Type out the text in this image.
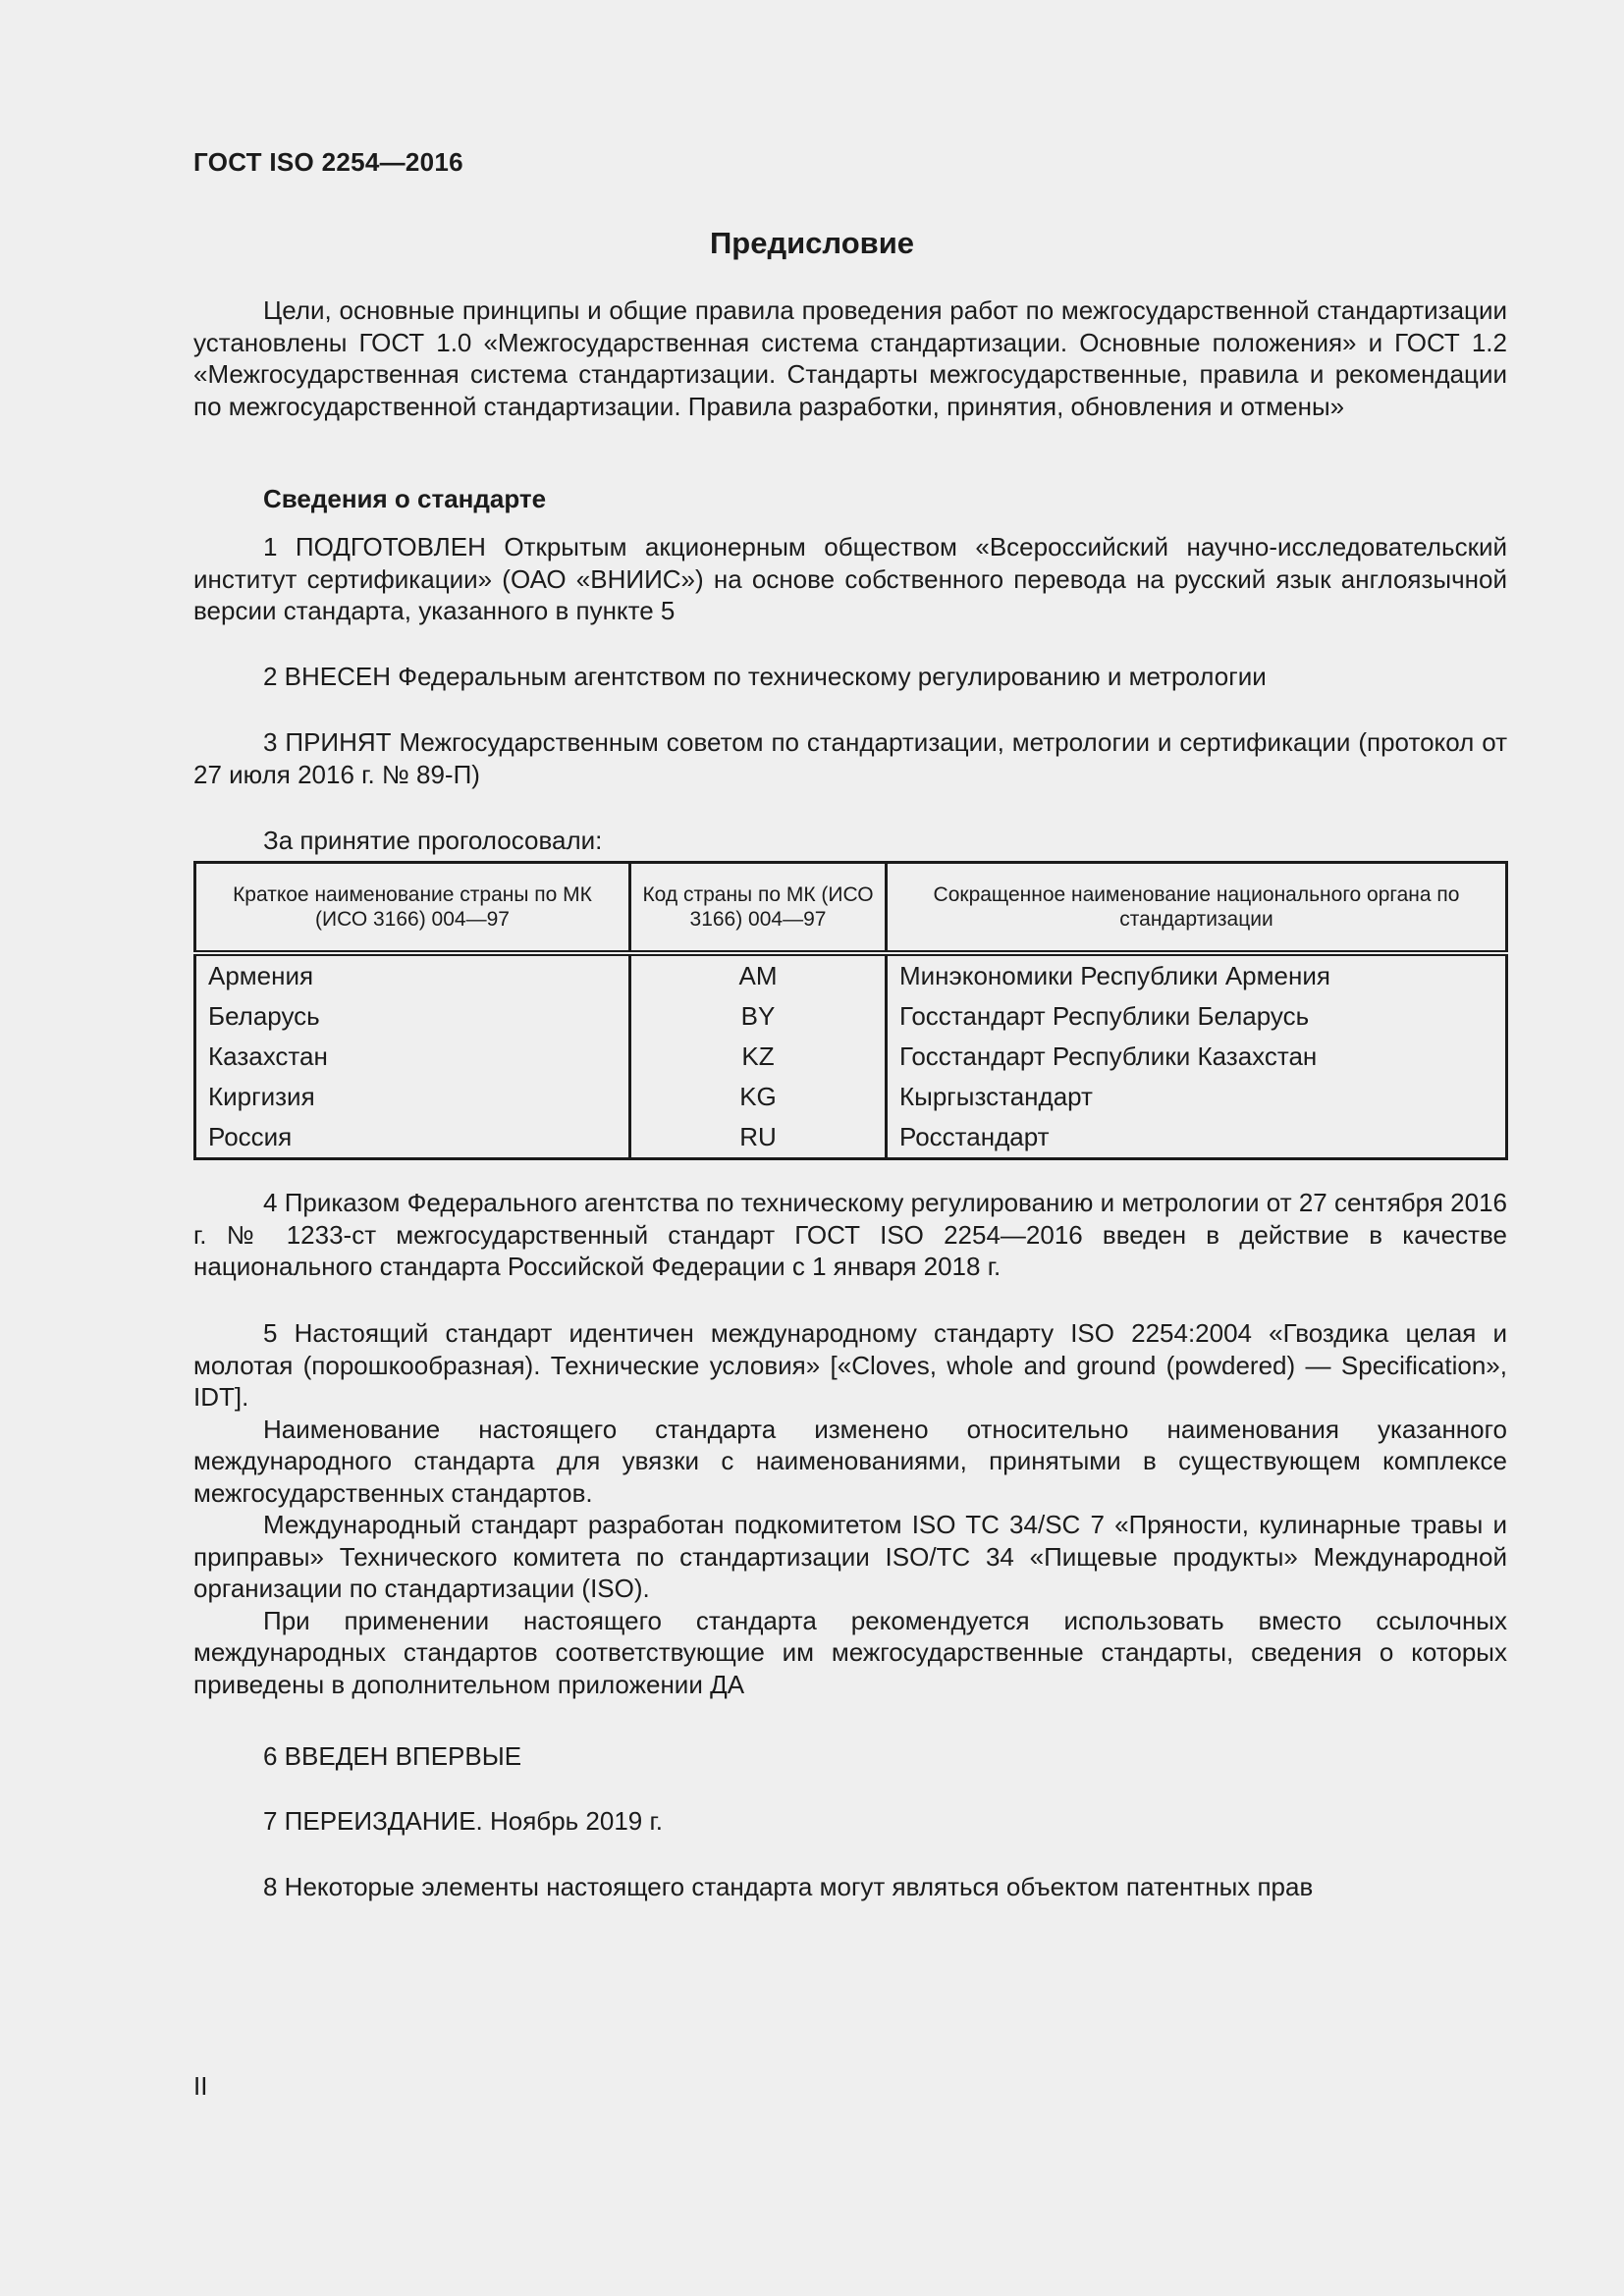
ГОСТ ISO 2254—2016
Предисловие

Цели, основные принципы и общие правила проведения работ по межгосударственной стандартизации установлены ГОСТ 1.0 «Межгосударственная система стандартизации. Основные положения» и ГОСТ 1.2 «Межгосударственная система стандартизации. Стандарты межгосударственные, правила и рекомендации по межгосударственной стандартизации. Правила разработки, принятия, обновления и отмены»

Сведения о стандарте

1 ПОДГОТОВЛЕН Открытым акционерным обществом «Всероссийский научно-исследовательский институт сертификации» (ОАО «ВНИИС») на основе собственного перевода на русский язык англоязычной версии стандарта, указанного в пункте 5

2 ВНЕСЕН Федеральным агентством по техническому регулированию и метрологии

3 ПРИНЯТ Межгосударственным советом по стандартизации, метрологии и сертификации (протокол от 27 июля 2016 г. № 89-П)

За принятие проголосовали:
Краткое наименование страны по МК (ИСО 3166) 004—97	Код страны по МК (ИСО 3166) 004—97	Сокращенное наименование национального органа по стандартизации
Армения	AM	Минэкономики Республики Армения
Беларусь	BY	Госстандарт Республики Беларусь
Казахстан	KZ	Госстандарт Республики Казахстан
Киргизия	KG	Кыргызстандарт
Россия	RU	Росстандарт

4 Приказом Федерального агентства по техническому регулированию и метрологии от 27 сентября 2016 г. № 1233-ст межгосударственный стандарт ГОСТ ISO 2254—2016 введен в действие в качестве национального стандарта Российской Федерации с 1 января 2018 г.

5 Настоящий стандарт идентичен международному стандарту ISO 2254:2004 «Гвоздика целая и молотая (порошкообразная). Технические условия» [«Cloves, whole and ground (powdered) — Specification», IDT].

Наименование настоящего стандарта изменено относительно наименования указанного международного стандарта для увязки с наименованиями, принятыми в существующем комплексе межгосударственных стандартов.

Международный стандарт разработан подкомитетом ISO TC 34/SC 7 «Пряности, кулинарные травы и приправы» Технического комитета по стандартизации ISO/TC 34 «Пищевые продукты» Международной организации по стандартизации (ISO).

При применении настоящего стандарта рекомендуется использовать вместо ссылочных международных стандартов соответствующие им межгосударственные стандарты, сведения о которых приведены в дополнительном приложении ДА

6 ВВЕДЕН ВПЕРВЫЕ
7 ПЕРЕИЗДАНИЕ. Ноябрь 2019 г.
8 Некоторые элементы настоящего стандарта могут являться объектом патентных прав
II
